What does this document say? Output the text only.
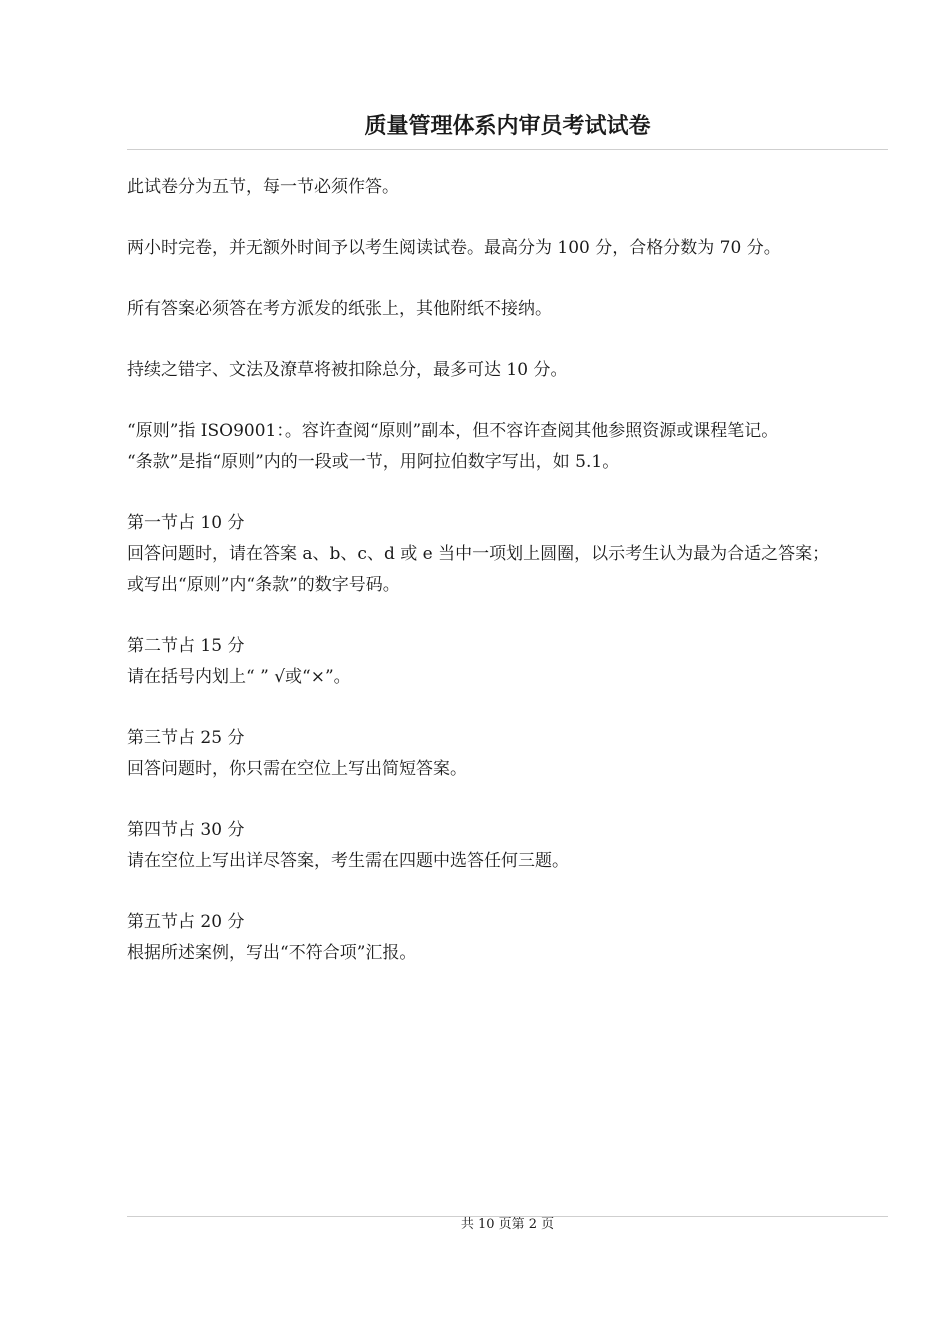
质量管理体系内审员考试试卷

此试卷分为五节，每一节必须作答。

两小时完卷，并无额外时间予以考生阅读试卷。最高分为 100 分，合格分数为 70 分。

所有答案必须答在考方派发的纸张上，其他附纸不接纳。

持续之错字、文法及潦草将被扣除总分，最多可达 10 分。

“原则”指 ISO9001：。容许查阅“原则”副本，但不容许查阅其他参照资源或课程笔记。

“条款”是指“原则”内的一段或一节，用阿拉伯数字写出，如 5.1。

第一节占 10 分

回答问题时，请在答案 a、b、c、d 或 e 当中一项划上圆圈，以示考生认为最为合适之答案；

或写出“原则”内“条款”的数字号码。

第二节占 15 分

请在括号内划上“ ” √或“×”。

第三节占 25 分

回答问题时，你只需在空位上写出简短答案。

第四节占 30 分

请在空位上写出详尽答案，考生需在四题中选答任何三题。

第五节占 20 分

根据所述案例，写出“不符合项”汇报。

共 10 页第 2 页
